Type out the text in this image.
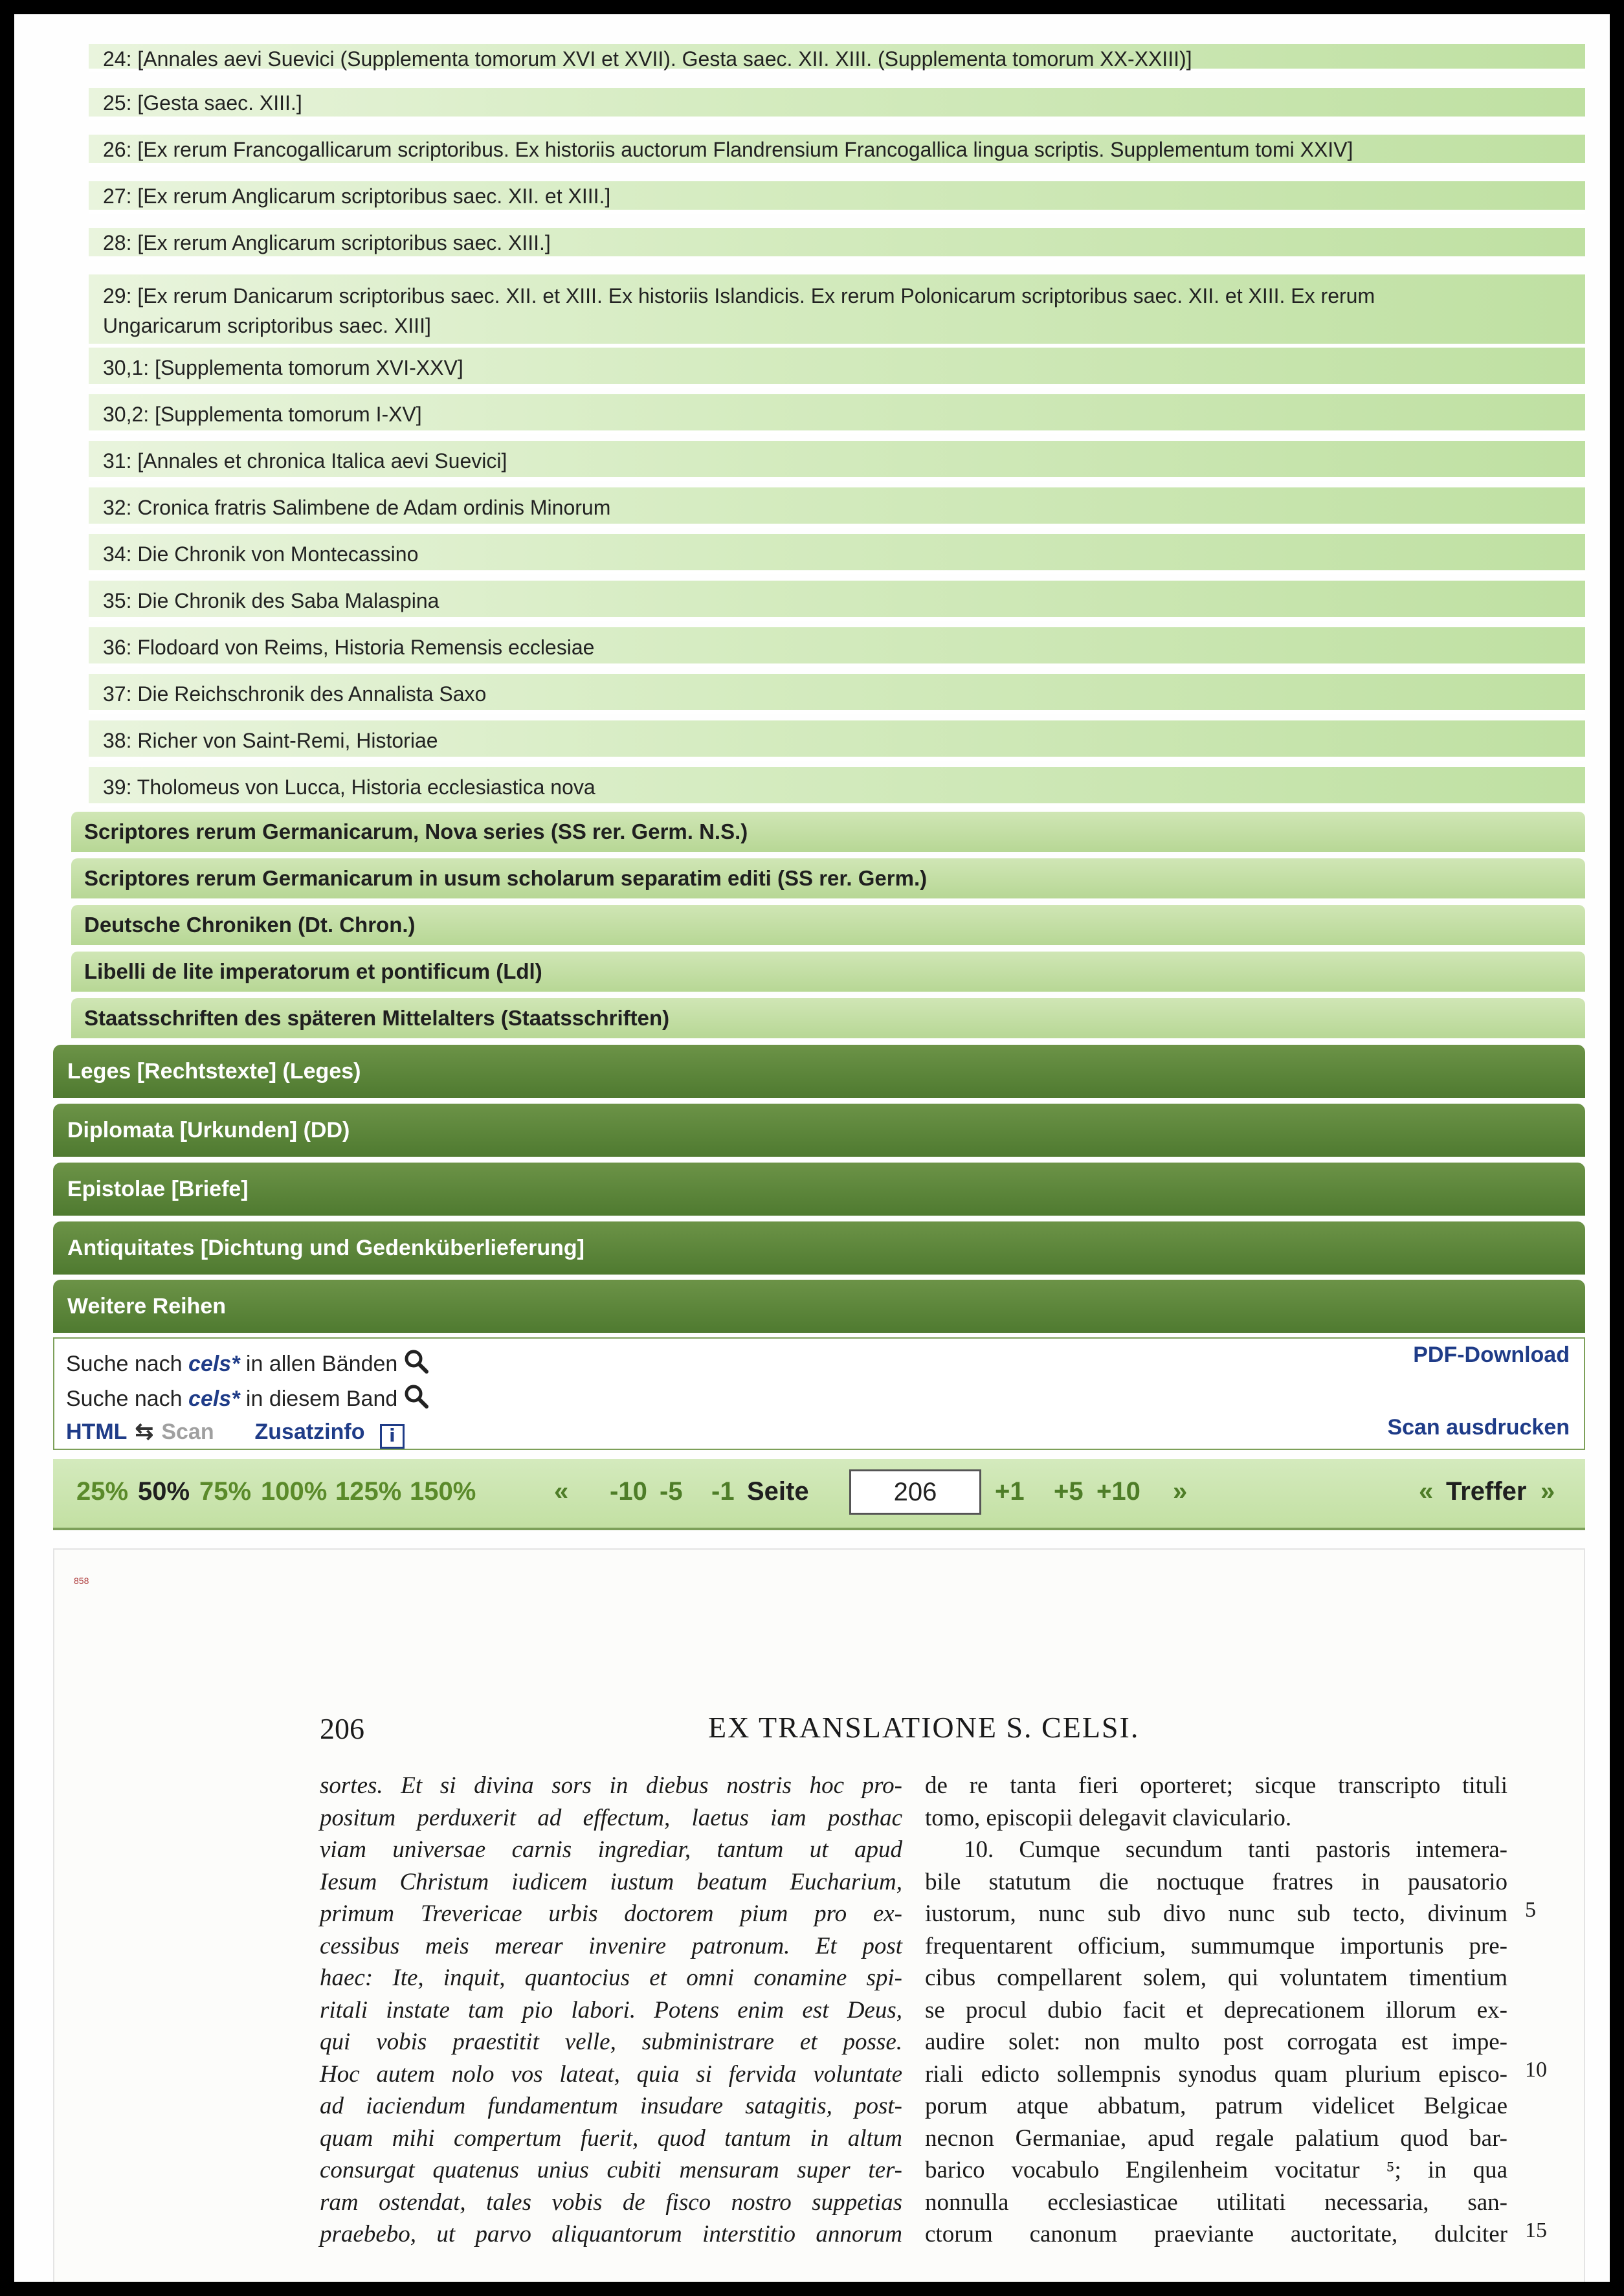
24: [Annales aevi Suevici (Supplementa tomorum XVI et XVII). Gesta saec. XII. XIII. (Supplementa tomorum XX-XXIII)]
25: [Gesta saec. XIII.]
26: [Ex rerum Francogallicarum scriptoribus. Ex historiis auctorum Flandrensium Francogallica lingua scriptis. Supplementum tomi XXIV]
27: [Ex rerum Anglicarum scriptoribus saec. XII. et XIII.]
28: [Ex rerum Anglicarum scriptoribus saec. XIII.]
29: [Ex rerum Danicarum scriptoribus saec. XII. et XIII. Ex historiis Islandicis. Ex rerum Polonicarum scriptoribus saec. XII. et XIII. Ex rerum
Ungaricarum scriptoribus saec. XIII]
30,1: [Supplementa tomorum XVI-XXV]
30,2: [Supplementa tomorum I-XV]
31: [Annales et chronica Italica aevi Suevici]
32: Cronica fratris Salimbene de Adam ordinis Minorum
34: Die Chronik von Montecassino
35: Die Chronik des Saba Malaspina
36: Flodoard von Reims, Historia Remensis ecclesiae
37: Die Reichschronik des Annalista Saxo
38: Richer von Saint-Remi, Historiae
39: Tholomeus von Lucca, Historia ecclesiastica nova
Scriptores rerum Germanicarum, Nova series (SS rer. Germ. N.S.)
Scriptores rerum Germanicarum in usum scholarum separatim editi (SS rer. Germ.)
Deutsche Chroniken (Dt. Chron.)
Libelli de lite imperatorum et pontificum (Ldl)
Staatsschriften des späteren Mittelalters (Staatsschriften)
Leges [Rechtstexte] (Leges)
Diplomata [Urkunden] (DD)
Epistolae [Briefe]
Antiquitates [Dichtung und Gedenküberlieferung]
Weitere Reihen
Suche nach cels* in allen Bänden
Suche nach cels* in diesem Band
HTML ⇆ Scan Zusatzinfo i
PDF-Download
Scan ausdrucken
25% 50% 75% 100% 125% 150%	« -10 -5 -1 Seite	206	+1 +5 +10 »	« Treffer »
858
206	EX TRANSLATIONE S. CELSI.
sortes. Et si divina sors in diebus nostris hoc pro-
positum perduxerit ad effectum, laetus iam posthac
viam universae carnis ingrediar, tantum ut apud
Iesum Christum iudicem iustum beatum Eucharium,
primum Trevericae urbis doctorem pium pro ex-
cessibus meis merear invenire patronum. Et post
haec: Ite, inquit, quantocius et omni conamine spi-
ritali instate tam pio labori. Potens enim est Deus,
qui vobis praestitit velle, subministrare et posse.
Hoc autem nolo vos lateat, quia si fervida voluntate
ad iaciendum fundamentum insudare satagitis, post-
quam mihi compertum fuerit, quod tantum in altum
consurgat quatenus unius cubiti mensuram super ter-
ram ostendat, tales vobis de fisco nostro suppetias
praebebo, ut parvo aliquantorum interstitio annorum
de re tanta fieri oporteret; sicque transcripto tituli
tomo, episcopii delegavit claviculario.
10. Cumque secundum tanti pastoris intemera-
bile statutum die noctuque fratres in pausatorio
iustorum, nunc sub divo nunc sub tecto, divinum
frequentarent officium, summumque importunis pre-
cibus compellarent solem, qui voluntatem timentium
se procul dubio facit et deprecationem illorum ex-
audire solet: non multo post corrogata est impe-
riali edicto sollempnis synodus quam plurium episco-
porum atque abbatum, patrum videlicet Belgicae
necnon Germaniae, apud regale palatium quod bar-
barico vocabulo Engilenheim vocitatur ⁵; in qua
nonnulla ecclesiasticae utilitati necessaria, san-
ctorum canonum praeviante auctoritate, dulciter
5
10
15
